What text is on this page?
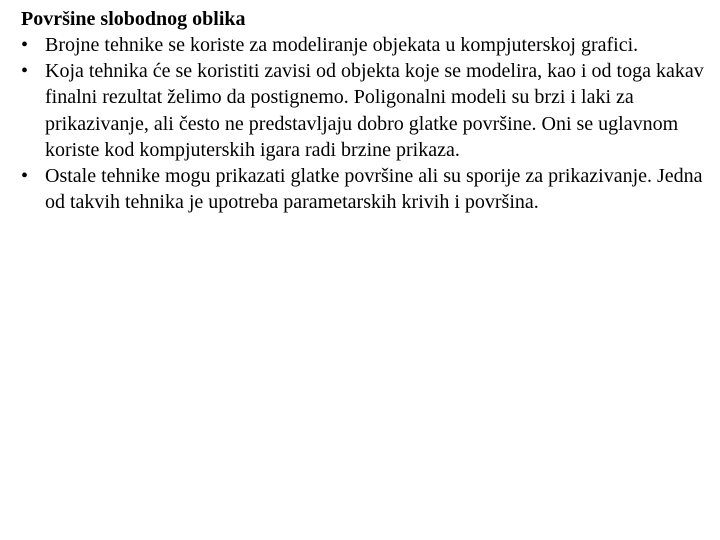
Površine slobodnog oblika
• Brojne tehnike se koriste za modeliranje objekata u kompjuterskoj grafici.
• Koja tehnika će se koristiti zavisi od objekta koje se modelira, kao i od toga kakav finalni rezultat želimo da postignemo. Poligonalni modeli su brzi i laki za prikazivanje, ali često ne predstavljaju dobro glatke površine. Oni se uglavnom koriste kod kompjuterskih igara radi brzine prikaza.
• Ostale tehnike mogu prikazati glatke površine ali su sporije za prikazivanje. Jedna od takvih tehnika je upotreba parametarskih krivih i površina.
